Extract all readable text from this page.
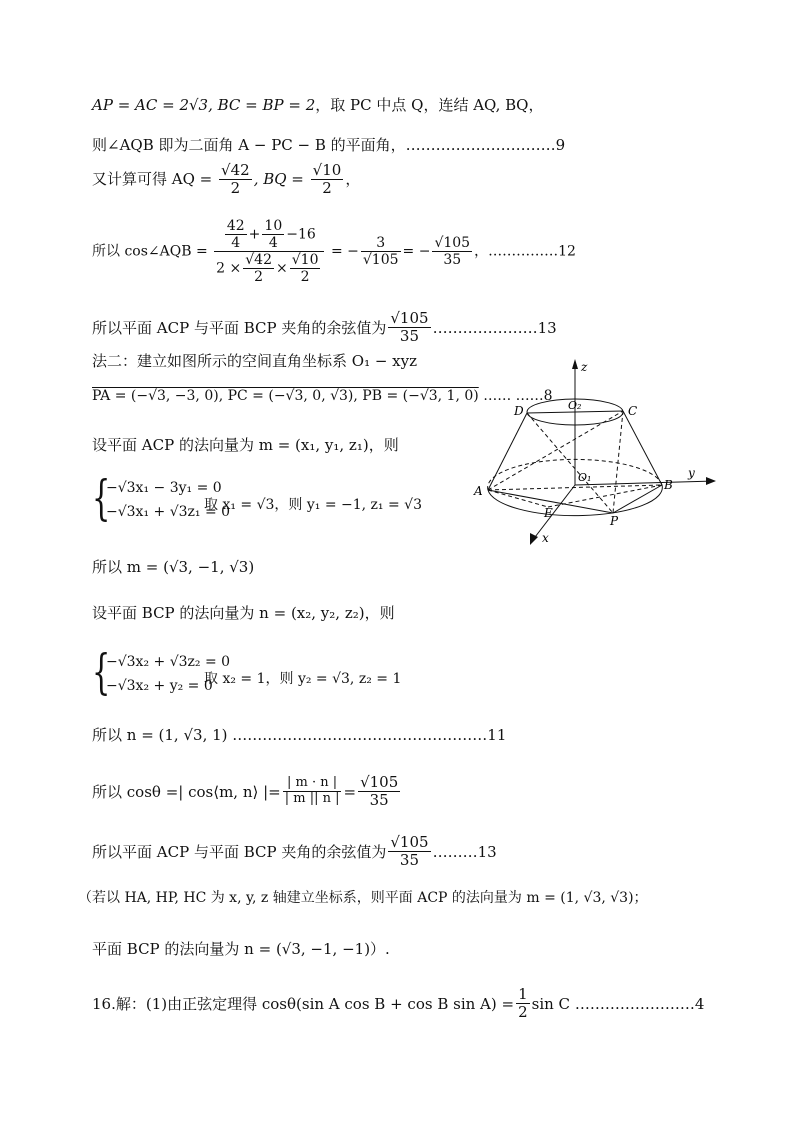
AP = AC = 2√3, BC = BP = 2，取 PC 中点 Q，连结 AQ, BQ，
则∠AQB 即为二面角 A − PC − B 的平面角，…………………………9
又计算可得 AQ = $\frac{√42}{2}$ , BQ = $\frac{√10}{2}$ ，
所以 cos∠AQB = $\frac{\frac{42}{4} + \frac{10}{4} -16}{2 \times \frac{√42}{2} \times \frac{√10}{2}}$ = − $\frac{3}{√105}$ = − $\frac{√105}{35}$ ，……………12
所以平面 ACP 与平面 BCP 夹角的余弦值为 $\frac{√105}{35}$ …………………13
法二：建立如图所示的空间直角坐标系 O₁ − xyz
PA = (−√3, −3, 0), PC = (−√3, 0, √3), PB = (−√3, 1, 0) …… ……8
设平面 ACP 的法向量为 m = (x₁, y₁, z₁)，则
{
−√3x₁ − 3y₁ = 0
−√3x₁ + √3z₁ = 0
取 x₁ = √3，则 y₁ = −1, z₁ = √3
所以 m = (√3, −1, √3)
设平面 BCP 的法向量为 n = (x₂, y₂, z₂)，则
{
−√3x₂ + √3z₂ = 0
−√3x₂ + y₂ = 0
取 x₂ = 1，则 y₂ = √3, z₂ = 1
所以 n = (1, √3, 1) ……………………………………………11
所以 cosθ =| cos⟨m, n⟩ |= $\frac{| m \cdot n |}{| m || n |} = \frac{√105}{35}$
所以平面 ACP 与平面 BCP 夹角的余弦值为 $\frac{√105}{35}$ ………13
（若以 HA, HP, HC 为 x, y, z 轴建立坐标系，则平面 ACP 的法向量为 m = (1, √3, √3)；
平面 BCP 的法向量为 n = (√3, −1, −1)）.
16.解：(1)由正弦定理得 cosθ(sin A cos B + cos B $\sin A) = \frac{1}{2}$ sin C ……………………4
z
y
x
D	O₂	C
A
O₁
B
E
P
